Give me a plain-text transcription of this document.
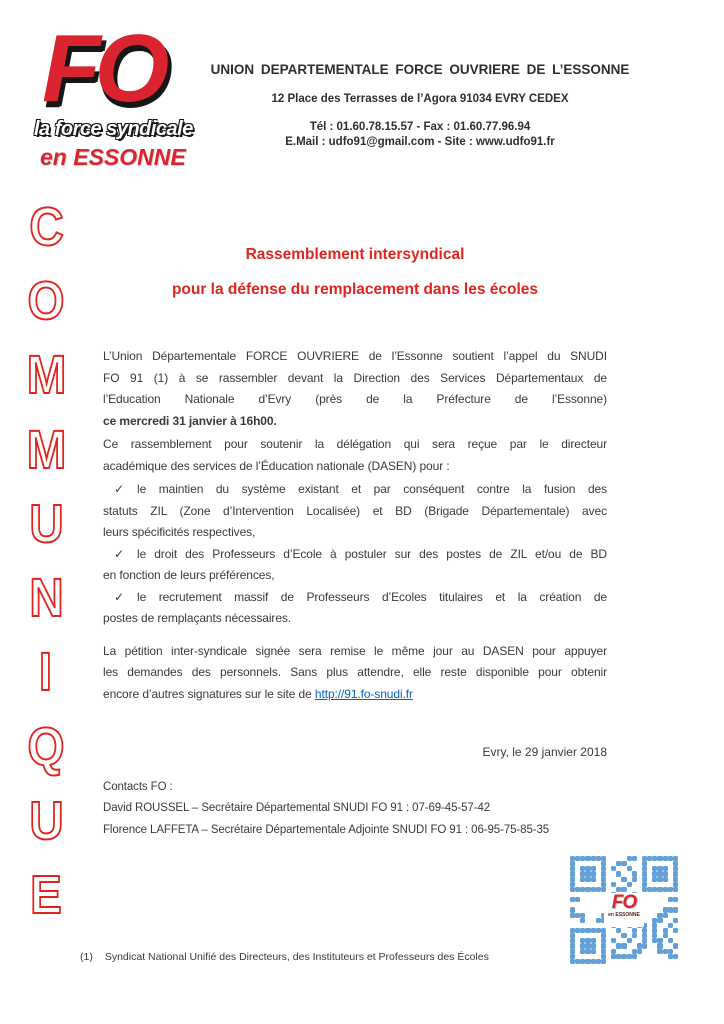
FO
la force syndicale
en ESSONNE
UNION DEPARTEMENTALE FORCE OUVRIERE DE L’ESSONNE
12 Place des Terrasses de l’Agora 91034 EVRY CEDEX
Tél : 01.60.78.15.57 - Fax : 01.60.77.96.94
E.Mail : udfo91@gmail.com - Site : www.udfo91.fr
C
O
M
M
U
N
I
Q
U
E
Rassemblement intersyndical
pour la défense du remplacement dans les écoles
L’Union Départementale FORCE OUVRIERE de l’Essonne soutient l’appel du SNUDI
FO 91 (1) à se rassembler devant la Direction des Services Départementaux de
l’Education Nationale d’Evry (près de la Préfecture de l’Essonne)
ce mercredi 31 janvier à 16h00.
Ce rassemblement pour soutenir la délégation qui sera reçue par le directeur
académique des services de l’Éducation nationale (DASEN) pour :
✓ le maintien du système existant et par conséquent contre la fusion des
statuts ZIL (Zone d’Intervention Localisée) et BD (Brigade Départementale) avec
leurs spécificités respectives,
✓ le droit des Professeurs d’Ecole à postuler sur des postes de ZIL et/ou de BD
en fonction de leurs préférences,
✓ le recrutement massif de Professeurs d’Ecoles titulaires et la création de
postes de remplaçants nécessaires.
La pétition inter-syndicale signée sera remise le même jour au DASEN pour appuyer
les demandes des personnels. Sans plus attendre, elle reste disponible pour obtenir
encore d’autres signatures sur le site de http://91.fo-snudi.fr
Evry, le 29 janvier 2018
Contacts FO :
David ROUSSEL – Secrétaire Départemental SNUDI FO 91 : 07-69-45-57-42
Florence LAFFETA – Secrétaire Départementale Adjointe SNUDI FO 91 : 06-95-75-85-35
(1) Syndicat National Unifié des Directeurs, des Instituteurs et Professeurs des Écoles
FO
en ESSONNE
